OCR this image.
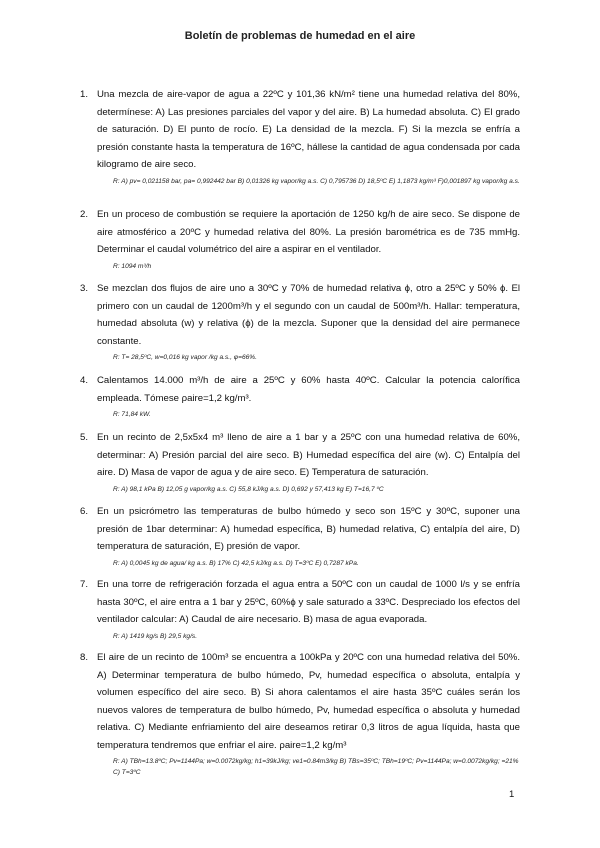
Boletín de problemas de humedad en el aire
1. Una mezcla de aire-vapor de agua a 22ºC y 101,36 kN/m² tiene una humedad relativa del 80%, determínese: A) Las presiones parciales del vapor y del aire. B) La humedad absoluta. C) El grado de saturación. D) El punto de rocío. E) La densidad de la mezcla. F) Si la mezcla se enfría a presión constante hasta la temperatura de 16ºC, hállese la cantidad de agua condensada por cada kilogramo de aire seco.
R: A) pv= 0,021158 bar, pa= 0,992442 bar B) 0,01326 kg vapor/kg a.s. C) 0,795736 D) 18,5ºC E) 1,1873 kg/m³ F)0,001897 kg vapor/kg a.s.
2. En un proceso de combustión se requiere la aportación de 1250 kg/h de aire seco. Se dispone de aire atmosférico a 20ºC y humedad relativa del 80%. La presión barométrica es de 735 mmHg. Determinar el caudal volumétrico del aire a aspirar en el ventilador.
R: 1094 m³/h
3. Se mezclan dos flujos de aire uno a 30ºC y 70% de humedad relativa ϕ, otro a 25ºC y 50% ϕ. El primero con un caudal de 1200m³/h y el segundo con un caudal de 500m³/h. Hallar: temperatura, humedad absoluta (w) y relativa (ϕ) de la mezcla. Suponer que la densidad del aire permanece constante.
R: T= 28,5ºC, w=0,016 kg vapor /kg a.s., φ=66%.
4. Calentamos 14.000 m³/h de aire a 25ºC y 60% hasta 40ºC. Calcular la potencia calorífica empleada. Tómese ρaire=1,2 kg/m³.
R: 71,84 kW.
5. En un recinto de 2,5x5x4 m³ lleno de aire a 1 bar y a 25ºC con una humedad relativa de 60%, determinar: A) Presión parcial del aire seco. B) Humedad específica del aire (w). C) Entalpía del aire. D) Masa de vapor de agua y de aire seco. E) Temperatura de saturación.
R: A) 98,1 kPa B) 12,05 g vapor/kg a.s. C) 55,8 kJ/kg a.s. D) 0,692 y 57,413 kg E) T=16,7 ºC
6. En un psicrómetro las temperaturas de bulbo húmedo y seco son 15ºC y 30ºC, suponer una presión de 1bar determinar: A) humedad específica, B) humedad relativa, C) entalpía del aire, D) temperatura de saturación, E) presión de vapor.
R: A) 0,0045 kg de agua/ kg a.s. B) 17% C) 42,5 kJ/kg a.s. D) T=3ºC E) 0,7287 kPa.
7. En una torre de refrigeración forzada el agua entra a 50ºC con un caudal de 1000 l/s y se enfría hasta 30ºC, el aire entra a 1 bar y 25ºC, 60%ϕ y sale saturado a 33ºC. Despreciado los efectos del ventilador calcular: A) Caudal de aire necesario. B) masa de agua evaporada.
R: A) 1419 kg/s B) 29,5 kg/s.
8. El aire de un recinto de 100m³ se encuentra a 100kPa y 20ºC con una humedad relativa del 50%. A) Determinar temperatura de bulbo húmedo, Pv, humedad específica o absoluta, entalpía y volumen específico del aire seco. B) Si ahora calentamos el aire hasta 35ºC cuáles serán los nuevos valores de temperatura de bulbo húmedo, Pv, humedad específica o absoluta y humedad relativa. C) Mediante enfriamiento del aire deseamos retirar 0,3 litros de agua líquida, hasta que temperatura tendremos que enfriar el aire. ρaire=1,2 kg/m³
R: A) TBh=13.8ºC; Pv=1144Pa; w=0.0072kg/kg; h1=39kJ/kg; ve1=0.84m3/kg B) TBs=35ºC; TBh=19ºC; Pv=1144Pa; w=0.0072kg/kg; =21% C) T=3ºC
1
